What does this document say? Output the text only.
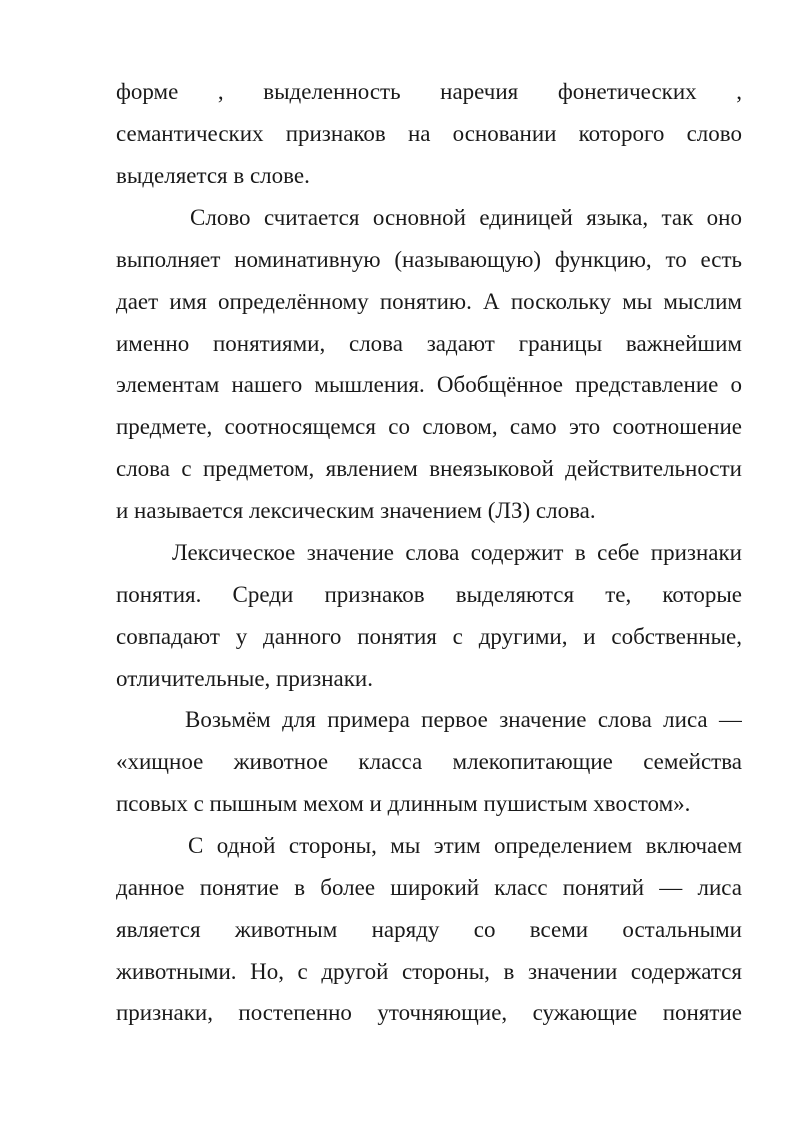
форме , выделенность наречия фонетических ,
семантических признаков на основании которого слово
выделяется в слове.
Слово считается основной единицей языка, так оно
выполняет номинативную (называющую) функцию, то есть
дает имя определённому понятию. А поскольку мы мыслим
именно понятиями, слова задают границы важнейшим
элементам нашего мышления. Обобщённое представление о
предмете, соотносящемся со словом, само это соотношение
слова с предметом, явлением внеязыковой действительности
и называется лексическим значением (ЛЗ) слова.
Лексическое значение слова содержит в себе признаки
понятия. Среди признаков выделяются те, которые
совпадают у данного понятия с другими, и собственные,
отличительные, признаки.
Возьмём для примера первое значение слова лиса —
«хищное животное класса млекопитающие семейства
псовых с пышным мехом и длинным пушистым хвостом».
С одной стороны, мы этим определением включаем
данное понятие в более широкий класс понятий — лиса
является животным наряду со всеми остальными
животными. Но, с другой стороны, в значении содержатся
признаки, постепенно уточняющие, сужающие понятие
